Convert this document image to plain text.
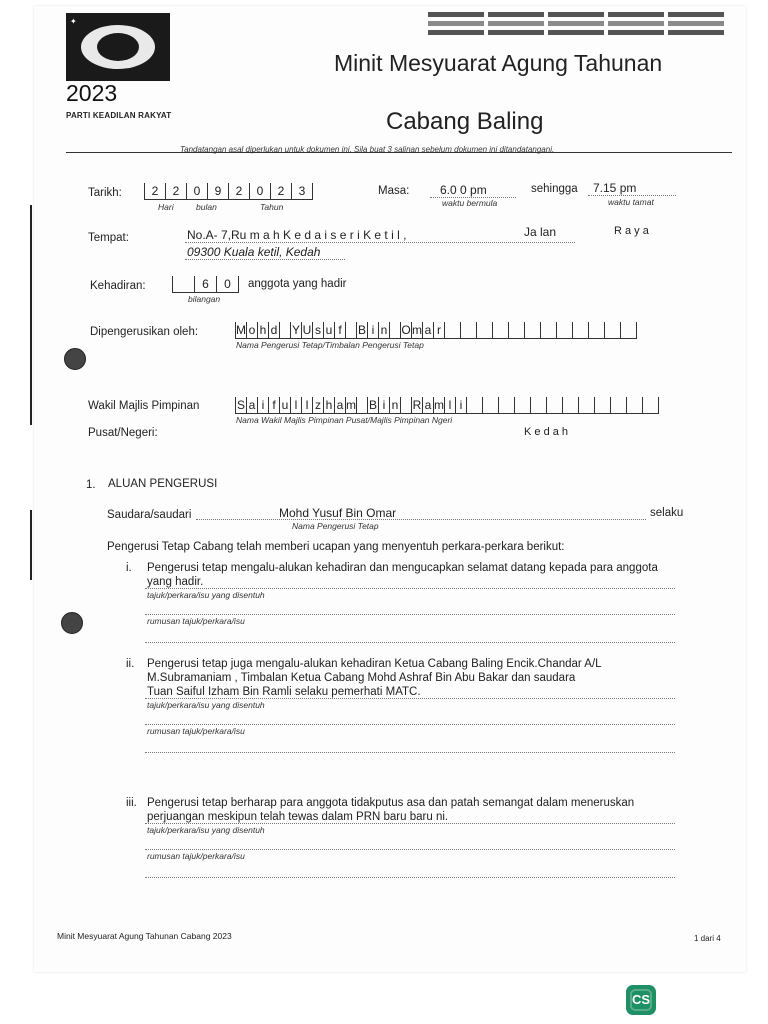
✦
2023
PARTI KEADILAN RAKYAT
Minit Mesyuarat Agung Tahunan
Cabang Baling
Tandatangan asal diperlukan untuk dokumen ini. Sila buat 3 salinan sebelum dokumen ini ditandatangani.
Tarikh:	2	2	0	9	2	0	2	3
Hari	bulan	Tahun
Masa:	6.0 0 pm
waktu bermula
sehingga 7.15 pm
waktu tamat
Tempat:	No.A- 7,Ru m a h K e d a i s e r i K e t i l ,	Ja lan	R a y a
09300 Kuala ketil, Kedah
Kehadiran:	6	0	anggota yang hadir
bilangan
Dipengerusikan oleh:	M o h d Y U s u f	B i n O m a r
Nama Pengerusi Tetap/Timbalan Pengerusi Tetap
Wakil Majlis Pimpinan
Pusat/Negeri:
S a i f u l I z h a m B i n R a m l i
Nama Wakil Majlis Pimpinan Pusat/Majlis Pimpinan Ngeri
K e d a h
1. ALUAN PENGERUSI
Saudara/saudari	Mohd Yusuf Bin Omar	selaku
Nama Pengerusi Tetap
Pengerusi Tetap Cabang telah memberi ucapan yang menyentuh perkara-perkara berikut:
i. Pengerusi tetap mengalu-alukan kehadiran dan mengucapkan selamat datang kepada para anggota
yang hadir.
tajuk/perkara/isu yang disentuh
rumusan tajuk/perkara/isu
ii. Pengerusi tetap juga mengalu-alukan kehadiran Ketua Cabang Baling Encik.Chandar A/L
M.Subramaniam , Timbalan Ketua Cabang Mohd Ashraf Bin Abu Bakar dan saudara
Tuan Saiful Izham Bin Ramli selaku pemerhati MATC.
tajuk/perkara/isu yang disentuh
rumusan tajuk/perkara/isu
iii. Pengerusi tetap berharap para anggota tidakputus asa dan patah semangat dalam meneruskan
perjuangan meskipun telah tewas dalam PRN baru baru ni.
tajuk/perkara/isu yang disentuh
rumusan tajuk/perkara/isu
Minit Mesyuarat Agung Tahunan Cabang 2023	1 dari 4
CS
